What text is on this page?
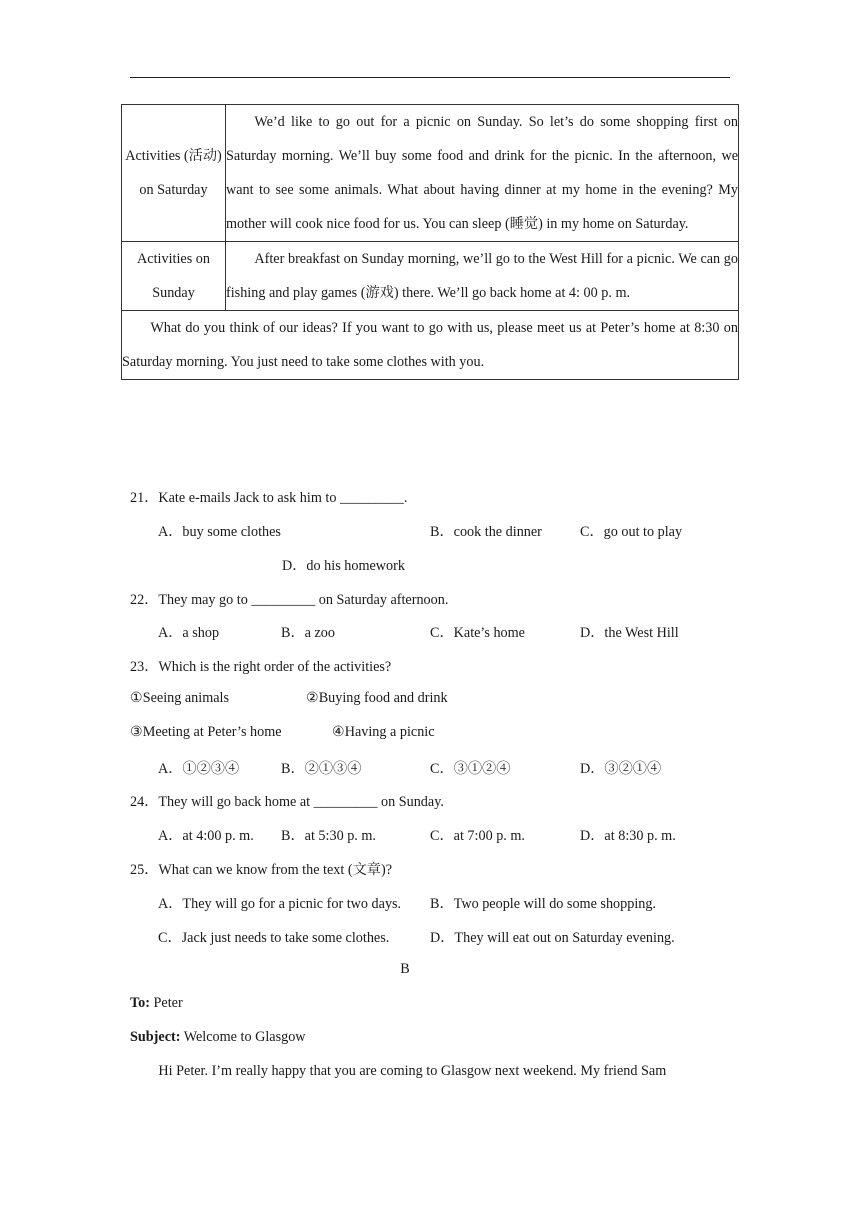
Activities (活动) on Saturday	We’d like to go out for a picnic on Sunday. So let’s do some shopping first on Saturday morning. We’ll buy some food and drink for the picnic. In the afternoon, we want to see some animals. What about having dinner at my home in the evening? My mother will cook nice food for us. You can sleep (睡觉) in my home on Saturday.
Activities on Sunday	After breakfast on Sunday morning, we’ll go to the West Hill for a picnic. We can go fishing and play games (游戏) there. We’ll go back home at 4: 00 p. m.
What do you think of our ideas? If you want to go with us, please meet us at Peter’s home at 8:30 on Saturday morning. You just need to take some clothes with you.	
21．Kate e-mails Jack to ask him to _________.
A．buy some clothes	B．cook the dinner	C．go out to play
D．do his homework
22．They may go to _________ on Saturday afternoon.
A．a shop	B．a zoo	C．Kate’s home	D．the West Hill
23．Which is the right order of the activities?
①Seeing animals	②Buying food and drink
③Meeting at Peter’s home	④Having a picnic
A．①②③④	B．②①③④	C．③①②④	D．③②①④
24．They will go back home at _________ on Sunday.
A．at 4:00 p. m. B．at 5:30 p. m.	C．at 7:00 p. m.	D．at 8:30 p. m.
25．What can we know from the text (文章)?
A．They will go for a picnic for two days. B．Two people will do some shopping.
C．Jack just needs to take some clothes.	D．They will eat out on Saturday evening.
B
To: Peter
Subject: Welcome to Glasgow
Hi Peter. I’m really happy that you are coming to Glasgow next weekend. My friend Sam
